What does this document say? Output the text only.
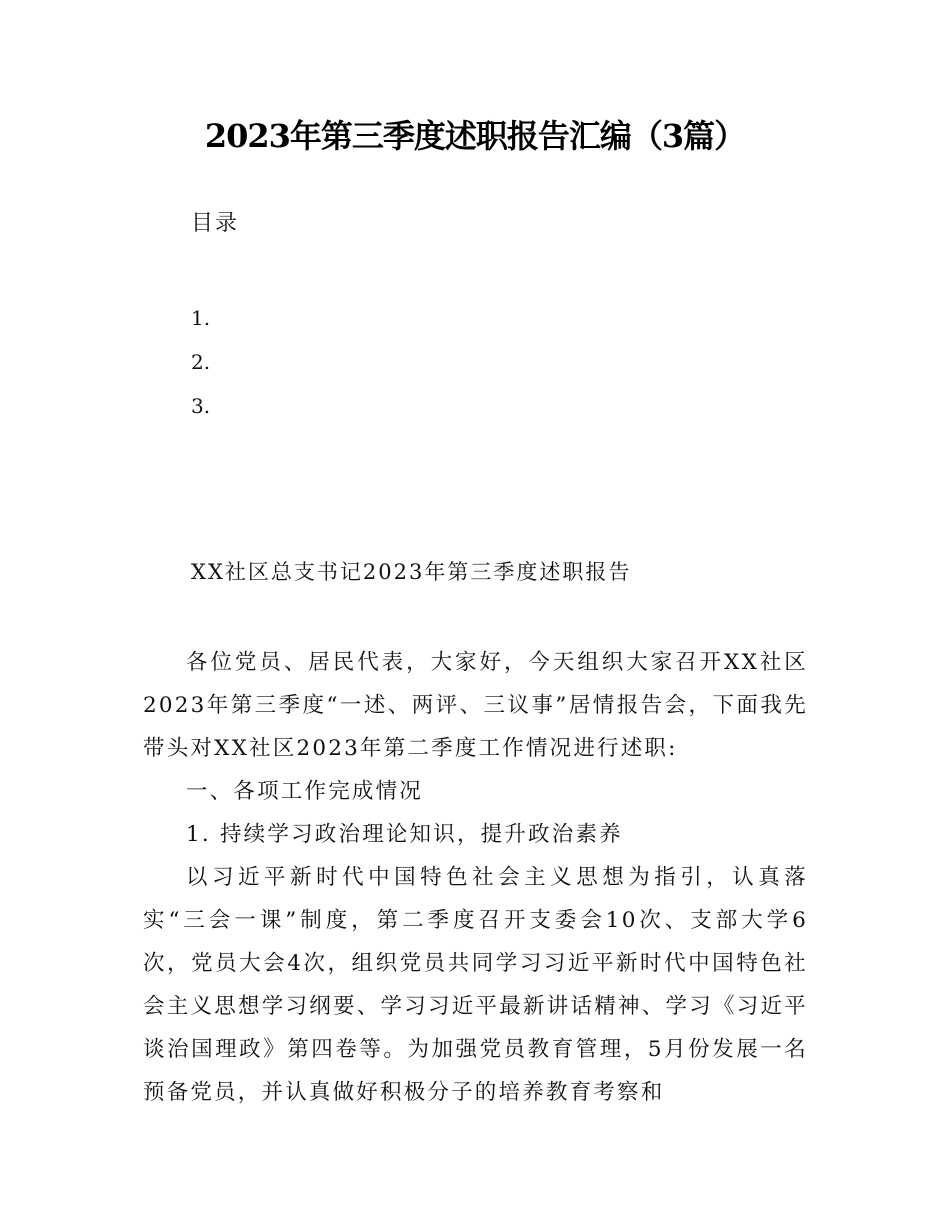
2023年第三季度述职报告汇编（3篇）
目录
1.
2.
3.
XX社区总支书记2023年第三季度述职报告

各位党员、居民代表，大家好，今天组织大家召开XX社区2023年第三季度“一述、两评、三议事”居情报告会，下面我先带头对XX社区2023年第二季度工作情况进行述职:

一、各项工作完成情况

1. 持续学习政治理论知识，提升政治素养

以习近平新时代中国特色社会主义思想为指引，认真落实“三会一课”制度，第二季度召开支委会10次、支部大学6次，党员大会4次，组织党员共同学习习近平新时代中国特色社会主义思想学习纲要、学习习近平最新讲话精神、学习《习近平谈治国理政》第四卷等。为加强党员教育管理，5月份发展一名预备党员，并认真做好积极分子的培养教育考察和
